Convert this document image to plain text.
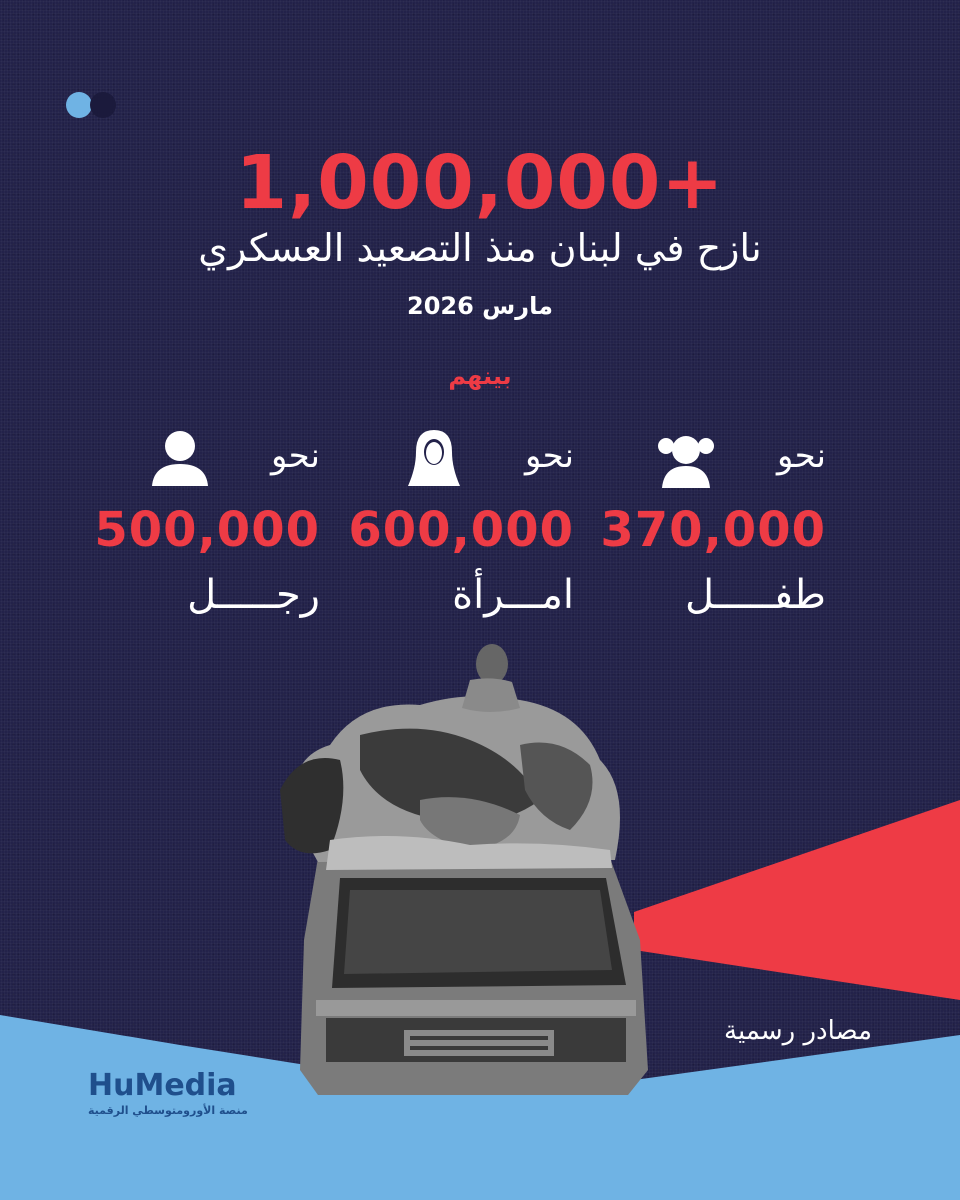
1,000,000+
نازح في لبنان منذ التصعيد العسكري
مارس 2026
بينهم
نحو
370,000
طفـــــل
نحو
600,000
امـــرأة
نحو
500,000
رجـــــل
مصادر رسمية
HuMedia
منصة الأورومتوسطي الرقمية
